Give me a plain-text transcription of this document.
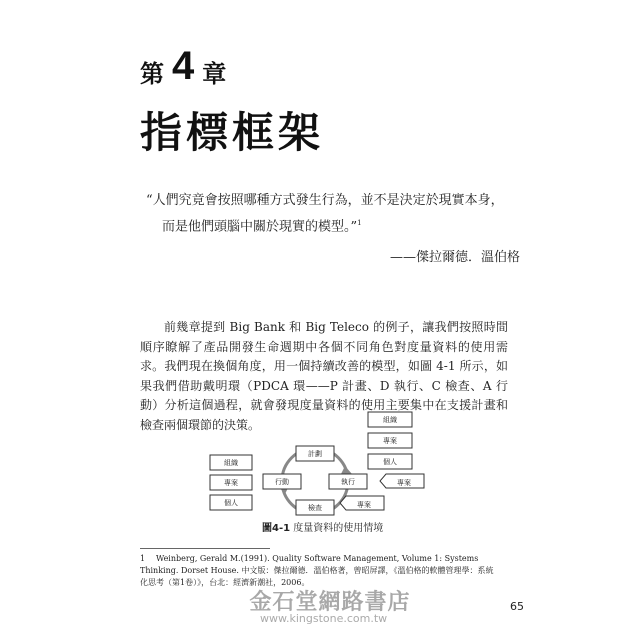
第 4 章
指標框架
“人們究竟會按照哪種方式發生行為，並不是決定於現實本身，
而是他們頭腦中關於現實的模型。”$^1$
——傑拉爾德．溫伯格
前幾章提到 Big Bank 和 Big Teleco 的例子，讓我們按照時間順序瞭解了產品開發生命週期中各個不同角色對度量資料的使用需求。我們現在換個角度，用一個持續改善的模型，如圖 4-1 所示，如果我們借助戴明環（PDCA 環——P 計畫、D 執行、C 檢查、A 行動）分析這個過程，就會發現度量資料的使用主要集中在支援計畫和檢查兩個環節的決策。
計劃
執行
檢查
行動
組織
專案
個人
組織
專案
個人
專案
專案
圖4-1 度量資料的使用情境
1 Weinberg, Gerald M.(1991). Quality Software Management, Volume 1: Systems Thinking. Dorset House. 中文版：傑拉爾德．溫伯格著，曾昭屏譯，《溫伯格的軟體管理學：系統化思考（第1卷）》，台北：經濟新潮社，2006。
金石堂網路書店
www.kingstone.com.tw
65
